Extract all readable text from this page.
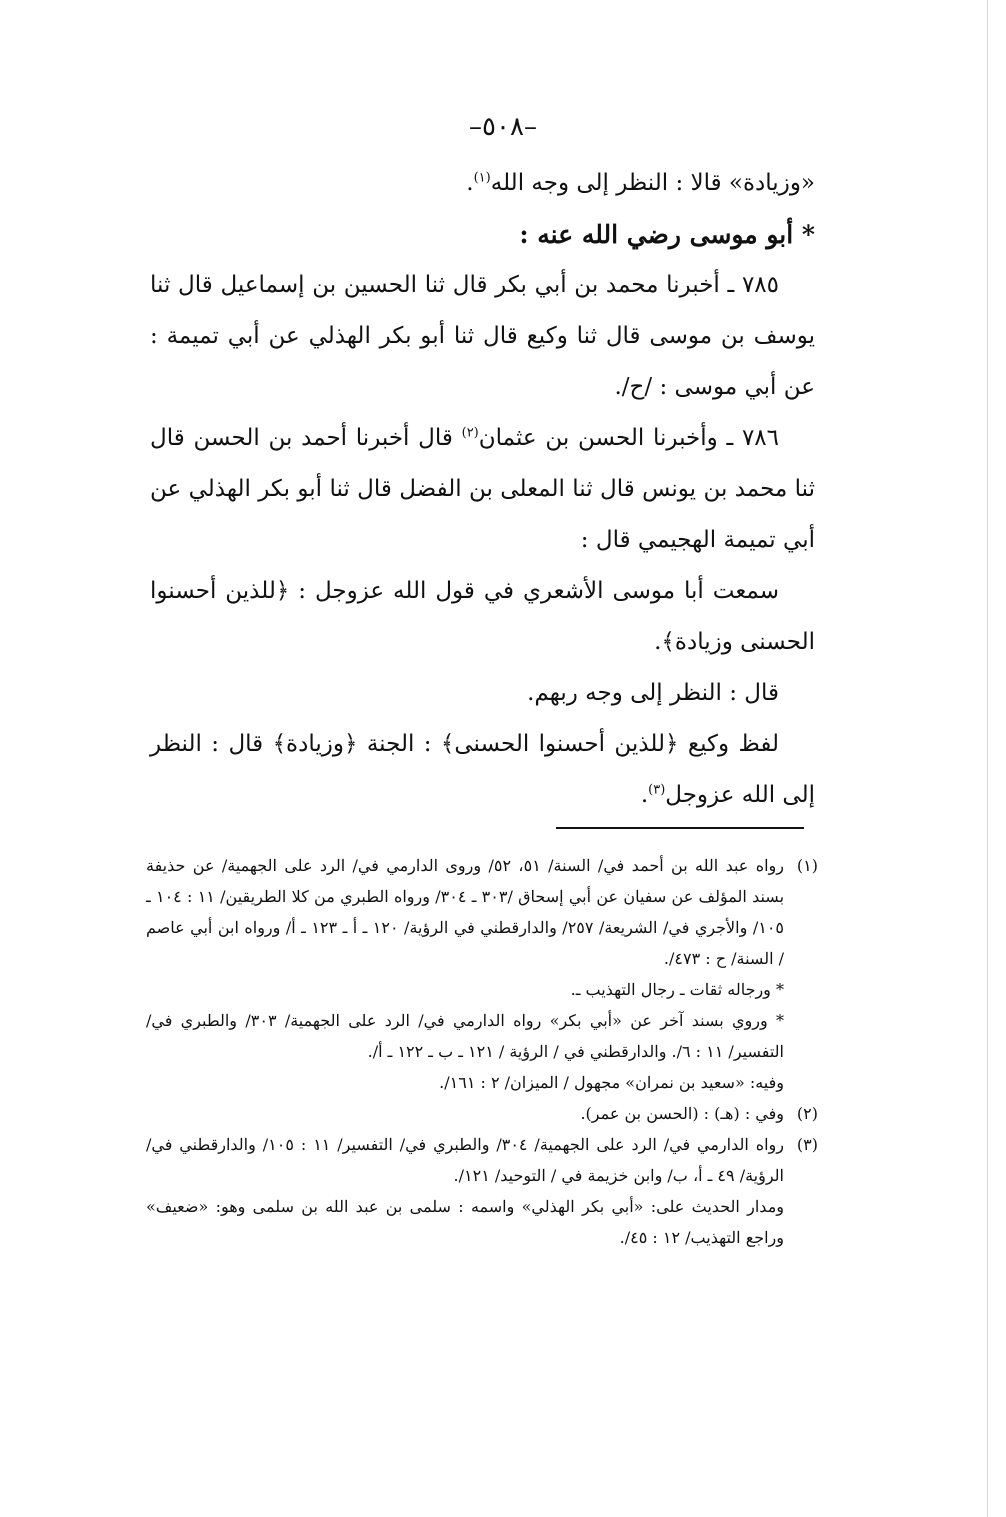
–٥٠٨–

«وزيادة» قالا : النظر إلى وجه الله$^{(١)}$.

* أبو موسى رضي الله عنه :

٧٨٥ ـ أخبرنا محمد بن أبي بكر قال ثنا الحسين بن إسماعيل قال ثنا يوسف بن موسى قال ثنا وكيع قال ثنا أبو بكر الهذلي عن أبي تميمة : عن أبي موسى : /ح/.

٧٨٦ ـ وأخبرنا الحسن بن عثمان$^{(٢)}$ قال أخبرنا أحمد بن الحسن قال ثنا محمد بن يونس قال ثنا المعلى بن الفضل قال ثنا أبو بكر الهذلي عن أبي تميمة الهجيمي قال :

سمعت أبا موسى الأشعري في قول الله عزوجل : ﴿للذين أحسنوا الحسنى وزيادة﴾.

قال : النظر إلى وجه ربهم.

لفظ وكيع ﴿للذين أحسنوا الحسنى﴾ : الجنة ﴿وزيادة﴾ قال : النظر إلى الله عزوجل$^{(٣)}$.

(١)

رواه عبد الله بن أحمد في/ السنة/ ٥١، ٥٢/ وروى الدارمي في/ الرد على الجهمية/ عن حذيفة بسند المؤلف عن سفيان عن أبي إسحاق /٣٠٣ ـ ٣٠٤/ ورواه الطبري من كلا الطريقين/ ١١ : ١٠٤ ـ ١٠٥/ والأجري في/ الشريعة/ ٢٥٧/ والدارقطني في الرؤية/ ١٢٠ ـ أ ـ ١٢٣ ـ أ/ ورواه ابن أبي عاصم / السنة/ ح : ٤٧٣/.

* ورجاله ثقات ـ رجال التهذيب ـ.

* وروي بسند آخر عن «أبي بكر» رواه الدارمي في/ الرد على الجهمية/ ٣٠٣/ والطبري في/ التفسير/ ١١ : ٦/. والدارقطني في / الرؤية / ١٢١ ـ ب ـ ١٢٢ ـ أ/.

وفيه: «سعيد بن نمران» مجهول / الميزان/ ٢ : ١٦١/.

(٢)

وفي : (هـ) : (الحسن بن عمر).

(٣)

رواه الدارمي في/ الرد على الجهمية/ ٣٠٤/ والطبري في/ التفسير/ ١١ : ١٠٥/ والدارقطني في/ الرؤية/ ٤٩ ـ أ، ب/ وابن خزيمة في / التوحيد/ ١٢١/.

ومدار الحديث على: «أبي بكر الهذلي» واسمه : سلمى بن عبد الله بن سلمى وهو: «ضعيف» وراجع التهذيب/ ١٢ : ٤٥/.
